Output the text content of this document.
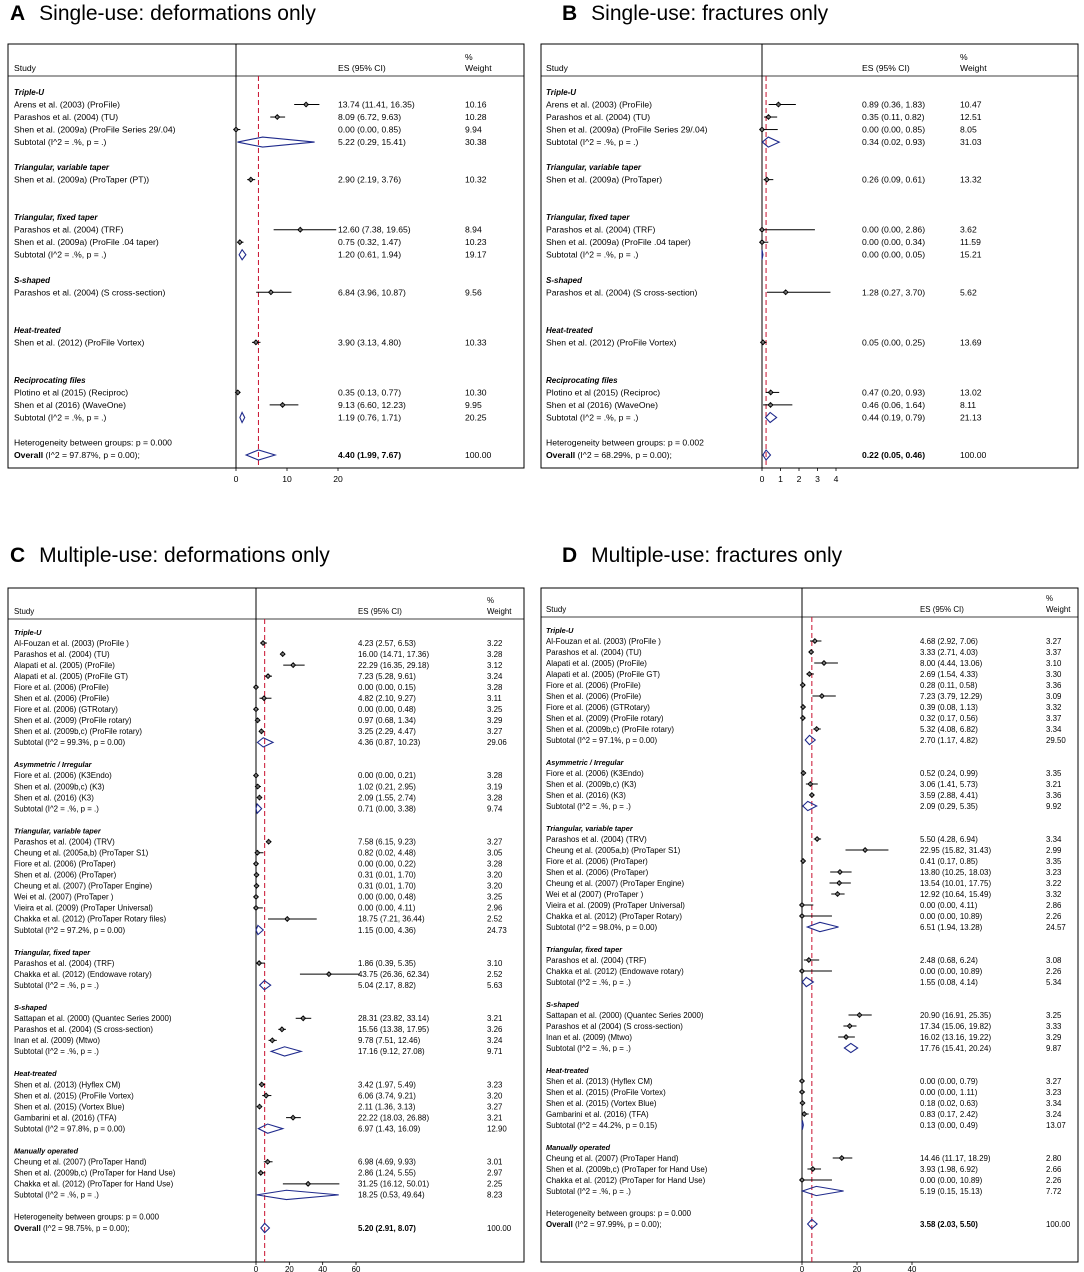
A Single-use: deformations only	B Single-use: fractures only
C Multiple-use: deformations only	D Multiple-use: fractures only
Study	ES (95% CI)
%
Weight
Triple-U
Arens et al. (2003) (ProFile)	13.74 (11.41, 16.35)	10.16
Parashos et al. (2004) (TU)	8.09 (6.72, 9.63)	10.28
Shen et al. (2009a) (ProFile Series 29/.04)	0.00 (0.00, 0.85)	9.94
Subtotal (I^2 = .%, p = .)	5.22 (0.29, 15.41)	30.38
Triangular, variable taper
Shen et al. (2009a) (ProTaper (PT))	2.90 (2.19, 3.76)	10.32
Triangular, fixed taper
Parashos et al. (2004) (TRF)	12.60 (7.38, 19.65)	8.94
Shen et al. (2009a) (ProFile .04 taper)	0.75 (0.32, 1.47)	10.23
Subtotal (I^2 = .%, p = .)	1.20 (0.61, 1.94)	19.17
S-shaped
Parashos et al. (2004) (S cross-section)	6.84 (3.96, 10.87)	9.56
Heat-treated
Shen et al. (2012) (ProFile Vortex)	3.90 (3.13, 4.80)	10.33
Reciprocating files
Plotino et al (2015) (Reciproc)	0.35 (0.13, 0.77)	10.30
Shen et al (2016) (WaveOne)	9.13 (6.60, 12.23)	9.95
Subtotal (I^2 = .%, p = .)	1.19 (0.76, 1.71)	20.25
Heterogeneity between groups: p = 0.000
Overall (I^2 = 97.87%, p = 0.00);	4.40 (1.99, 7.67)	100.00
0	10	20
Study	ES (95% CI)
%
Weight
Triple-U
Arens et al. (2003) (ProFile)	0.89 (0.36, 1.83)	10.47
Parashos et al. (2004) (TU)	0.35 (0.11, 0.82)	12.51
Shen et al. (2009a) (ProFile Series 29/.04)	0.00 (0.00, 0.85)	8.05
Subtotal (I^2 = .%, p = .)	0.34 (0.02, 0.93)	31.03
Triangular, variable taper
Shen et al. (2009a) (ProTaper)	0.26 (0.09, 0.61)	13.32
Triangular, fixed taper
Parashos et al. (2004) (TRF)	0.00 (0.00, 2.86)	3.62
Shen et al. (2009a) (ProFile .04 taper)	0.00 (0.00, 0.34)	11.59
Subtotal (I^2 = .%, p = .)	0.00 (0.00, 0.05)	15.21
S-shaped
Parashos et al. (2004) (S cross-section)	1.28 (0.27, 3.70)	5.62
Heat-treated
Shen et al. (2012) (ProFile Vortex)	0.05 (0.00, 0.25)	13.69
Reciprocating files
Plotino et al (2015) (Reciproc)	0.47 (0.20, 0.93)	13.02
Shen et al (2016) (WaveOne)	0.46 (0.06, 1.64)	8.11
Subtotal (I^2 = .%, p = .)	0.44 (0.19, 0.79)	21.13
Heterogeneity between groups: p = 0.002
Overall (I^2 = 68.29%, p = 0.00);	0.22 (0.05, 0.46)	100.00
0 1 2 3 4
Study	ES (95% CI)
%
Weight
Triple-U
Al-Fouzan et al. (2003) (ProFile )	4.23 (2.57, 6.53)	3.22
Parashos et al. (2004) (TU)	16.00 (14.71, 17.36)	3.28
Alapati et al. (2005) (ProFile)	22.29 (16.35, 29.18)	3.12
Alapati et al. (2005) (ProFile GT)	7.23 (5.28, 9.61)	3.24
Fiore et al. (2006) (ProFile)	0.00 (0.00, 0.15)	3.28
Shen et al. (2006) (ProFile)	4.82 (2.10, 9.27)	3.11
Fiore et al. (2006) (GTRotary)	0.00 (0.00, 0.48)	3.25
Shen et al. (2009) (ProFile rotary)	0.97 (0.68, 1.34)	3.29
Shen et al. (2009b,c) (ProFile rotary)	3.25 (2.29, 4.47)	3.27
Subtotal (I^2 = 99.3%, p = 0.00)	4.36 (0.87, 10.23)	29.06
Asymmetric / Irregular
Fiore et al. (2006) (K3Endo)	0.00 (0.00, 0.21)	3.28
Shen et al. (2009b,c) (K3)	1.02 (0.21, 2.95)	3.19
Shen et al. (2016) (K3)	2.09 (1.55, 2.74)	3.28
Subtotal (I^2 = .%, p = .)	0.71 (0.00, 3.38)	9.74
Triangular, variable taper
Parashos et al. (2004) (TRV)	7.58 (6.15, 9.23)	3.27
Cheung et al. (2005a,b) (ProTaper S1)	0.82 (0.02, 4.48)	3.05
Fiore et al. (2006) (ProTaper)	0.00 (0.00, 0.22)	3.28
Shen et al. (2006) (ProTaper)	0.31 (0.01, 1.70)	3.20
Cheung et al. (2007) (ProTaper Engine)	0.31 (0.01, 1.70)	3.20
Wei et al. (2007) (ProTaper )	0.00 (0.00, 0.48)	3.25
Vieira et al. (2009) (ProTaper Universal)	0.00 (0.00, 4.11)	2.96
Chakka et al. (2012) (ProTaper Rotary files)	18.75 (7.21, 36.44)	2.52
Subtotal (I^2 = 97.2%, p = 0.00)	1.15 (0.00, 4.36)	24.73
Triangular, fixed taper
Parashos et al. (2004) (TRF)	1.86 (0.39, 5.35)	3.10
Chakka et al. (2012) (Endowave rotary)	43.75 (26.36, 62.34)	2.52
Subtotal (I^2 = .%, p = .)	5.04 (2.17, 8.82)	5.63
S-shaped
Sattapan et al. (2000) (Quantec Series 2000)	28.31 (23.82, 33.14)	3.21
Parashos et al. (2004) (S cross-section)	15.56 (13.38, 17.95)	3.26
Inan et al. (2009) (Mtwo)	9.78 (7.51, 12.46)	3.24
Subtotal (I^2 = .%, p = .)	17.16 (9.12, 27.08)	9.71
Heat-treated
Shen et al. (2013) (Hyflex CM)	3.42 (1.97, 5.49)	3.23
Shen et al. (2015) (ProFile Vortex)	6.06 (3.74, 9.21)	3.20
Shen et al. (2015) (Vortex Blue)	2.11 (1.36, 3.13)	3.27
Gambarini et al. (2016) (TFA)	22.22 (18.03, 26.88)	3.21
Subtotal (I^2 = 97.8%, p = 0.00)	6.97 (1.43, 16.09)	12.90
Manually operated
Cheung et al. (2007) (ProTaper Hand)	6.98 (4.69, 9.93)	3.01
Shen et al. (2009b,c) (ProTaper for Hand Use)	2.86 (1.24, 5.55)	2.97
Chakka et al. (2012) (ProTaper for Hand Use)	31.25 (16.12, 50.01)	2.25
Subtotal (I^2 = .%, p = .)	18.25 (0.53, 49.64)	8.23
Heterogeneity between groups: p = 0.000
Overall (I^2 = 98.75%, p = 0.00);	5.20 (2.91, 8.07)	100.00
0	20	40	60
Study	ES (95% CI)
%
Weight
Triple-U
Al-Fouzan et al. (2003) (ProFile )	4.68 (2.92, 7.06)	3.27
Parashos et al. (2004) (TU)	3.33 (2.71, 4.03)	3.37
Alapati et al. (2005) (ProFile)	8.00 (4.44, 13.06)	3.10
Alapati et al. (2005) (ProFile GT)	2.69 (1.54, 4.33)	3.30
Fiore et al. (2006) (ProFile)	0.28 (0.11, 0.58)	3.36
Shen et al. (2006) (ProFile)	7.23 (3.79, 12.29)	3.09
Fiore et al. (2006) (GTRotary)	0.39 (0.08, 1.13)	3.32
Shen et al. (2009) (ProFile rotary)	0.32 (0.17, 0.56)	3.37
Shen et al. (2009b,c) (ProFile rotary)	5.32 (4.08, 6.82)	3.34
Subtotal (I^2 = 97.1%, p = 0.00)	2.70 (1.17, 4.82)	29.50
Asymmetric / Irregular
Fiore et al. (2006) (K3Endo)	0.52 (0.24, 0.99)	3.35
Shen et al. (2009b,c) (K3)	3.06 (1.41, 5.73)	3.21
Shen et al. (2016) (K3)	3.59 (2.88, 4.41)	3.36
Subtotal (I^2 = .%, p = .)	2.09 (0.29, 5.35)	9.92
Triangular, variable taper
Parashos et al. (2004) (TRV)	5.50 (4.28, 6.94)	3.34
Cheung et al. (2005a,b) (ProTaper S1)	22.95 (15.82, 31.43)	2.99
Fiore et al. (2006) (ProTaper)	0.41 (0.17, 0.85)	3.35
Shen et al. (2006) (ProTaper)	13.80 (10.25, 18.03)	3.23
Cheung et al. (2007) (ProTaper Engine)	13.54 (10.01, 17.75)	3.22
Wei et al (2007) (ProTaper )	12.92 (10.64, 15.49)	3.32
Vieira et al. (2009) (ProTaper Universal)	0.00 (0.00, 4.11)	2.86
Chakka et al. (2012) (ProTaper Rotary)	0.00 (0.00, 10.89)	2.26
Subtotal (I^2 = 98.0%, p = 0.00)	6.51 (1.94, 13.28)	24.57
Triangular, fixed taper
Parashos et al. (2004) (TRF)	2.48 (0.68, 6.24)	3.08
Chakka et al. (2012) (Endowave rotary)	0.00 (0.00, 10.89)	2.26
Subtotal (I^2 = .%, p = .)	1.55 (0.08, 4.14)	5.34
S-shaped
Sattapan et al. (2000) (Quantec Series 2000)	20.90 (16.91, 25.35)	3.25
Parashos et al (2004) (S cross-section)	17.34 (15.06, 19.82)	3.33
Inan et al. (2009) (Mtwo)	16.02 (13.16, 19.22)	3.29
Subtotal (I^2 = .%, p = .)	17.76 (15.41, 20.24)	9.87
Heat-treated
Shen et al. (2013) (Hyflex CM)	0.00 (0.00, 0.79)	3.27
Shen et al. (2015) (ProFile Vortex)	0.00 (0.00, 1.11)	3.23
Shen et al. (2015) (Vortex Blue)	0.18 (0.02, 0.63)	3.34
Gambarini et al. (2016) (TFA)	0.83 (0.17, 2.42)	3.24
Subtotal (I^2 = 44.2%, p = 0.15)	0.13 (0.00, 0.49)	13.07
Manually operated
Cheung et al. (2007) (ProTaper Hand)	14.46 (11.17, 18.29)	2.80
Shen et al. (2009b,c) (ProTaper for Hand Use)	3.93 (1.98, 6.92)	2.66
Chakka et al. (2012) (ProTaper for Hand Use)	0.00 (0.00, 10.89)	2.26
Subtotal (I^2 = .%, p = .)	5.19 (0.15, 15.13)	7.72
Heterogeneity between groups: p = 0.000
Overall (I^2 = 97.99%, p = 0.00);	3.58 (2.03, 5.50)	100.00
0	20	40
